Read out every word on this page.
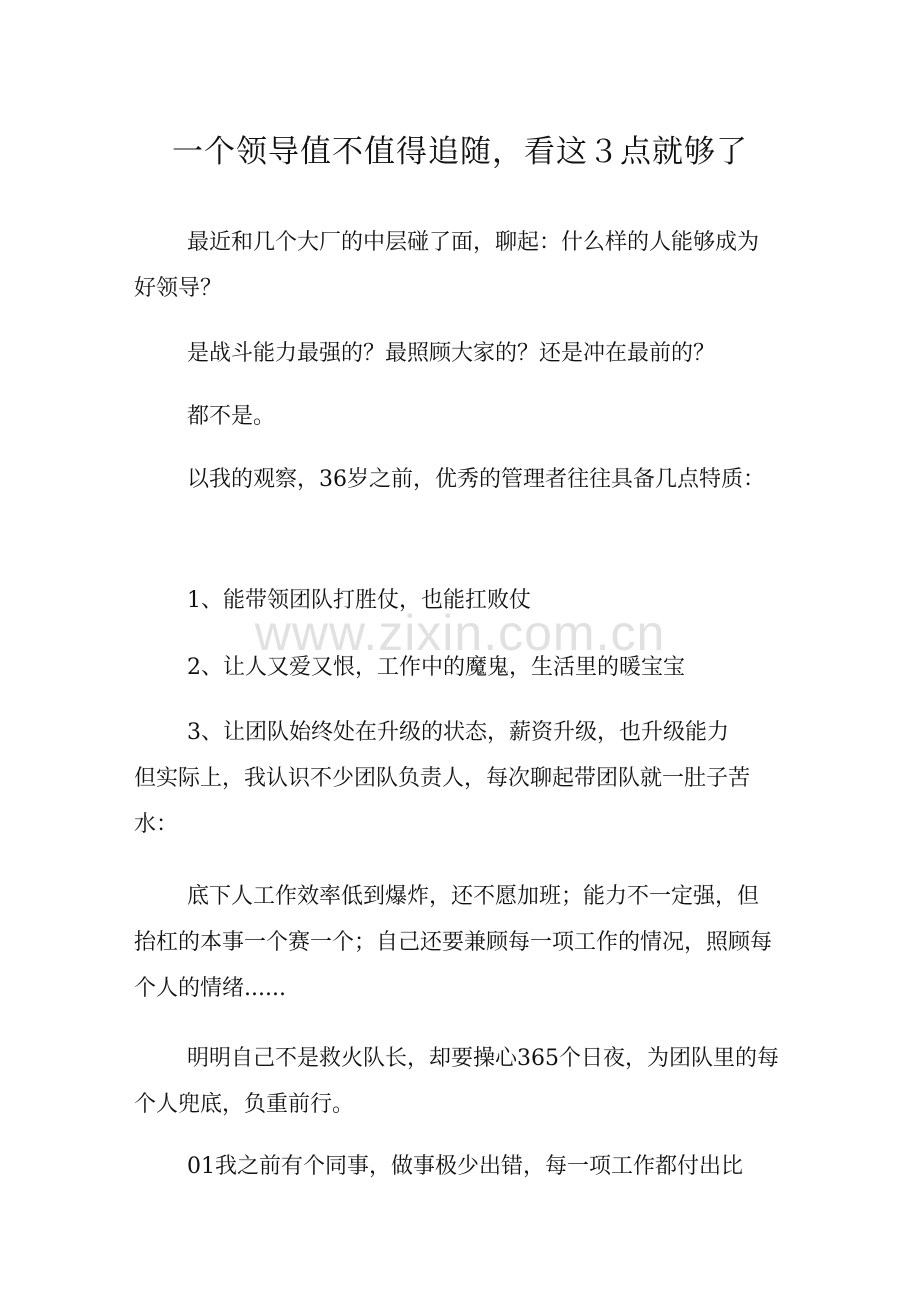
一个领导值不值得追随，看这３点就够了

最近和几个大厂的中层碰了面，聊起：什么样的人能够成为好领导？

是战斗能力最强的？最照顾大家的？还是冲在最前的？

都不是。

以我的观察，36岁之前，优秀的管理者往往具备几点特质：

1、能带领团队打胜仗，也能扛败仗

2、让人又爱又恨，工作中的魔鬼，生活里的暖宝宝

3、让团队始终处在升级的状态，薪资升级，也升级能力

但实际上，我认识不少团队负责人，每次聊起带团队就一肚子苦水：

底下人工作效率低到爆炸，还不愿加班；能力不一定强，但抬杠的本事一个赛一个；自己还要兼顾每一项工作的情况，照顾每个人的情绪......

明明自己不是救火队长，却要操心365个日夜，为团队里的每个人兜底，负重前行。

01我之前有个同事，做事极少出错，每一项工作都付出比

www.zixin.com.cn
